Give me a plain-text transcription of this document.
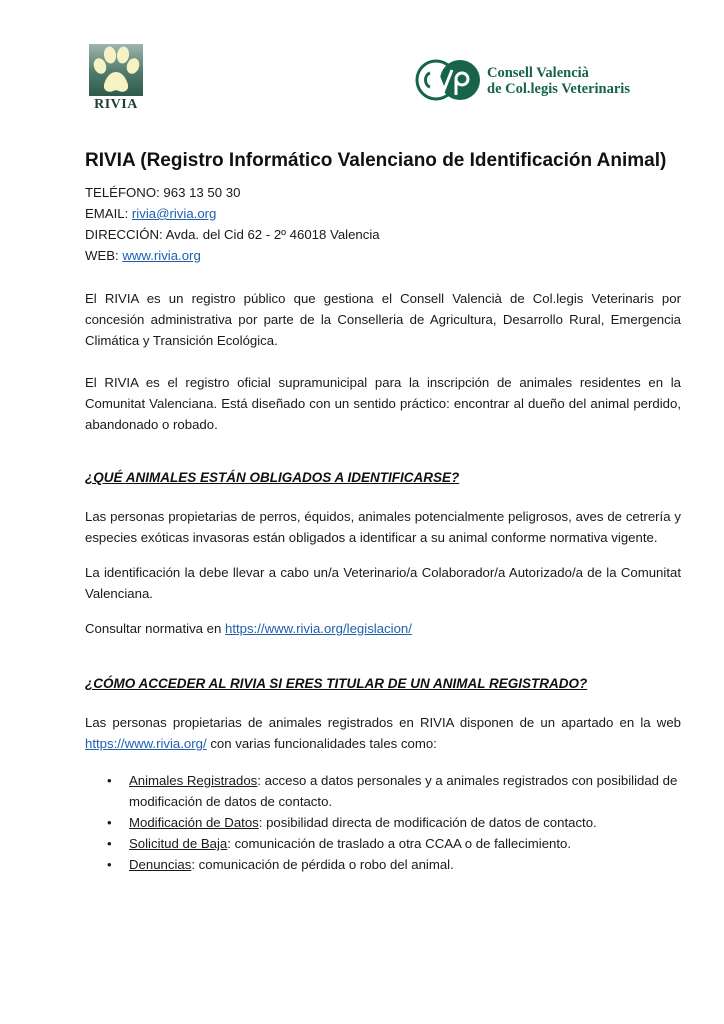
RIVIA
Consell Valencià
de Col.legis Veterinaris
RIVIA (Registro Informático Valenciano de Identificación Animal)
TELÉFONO: 963 13 50 30
EMAIL: rivia@rivia.org
DIRECCIÓN: Avda. del Cid 62 - 2º 46018 Valencia
WEB: www.rivia.org

El RIVIA es un registro público que gestiona el Consell Valencià de Col.legis Veterinaris por concesión administrativa por parte de la Conselleria de Agricultura, Desarrollo Rural, Emergencia Climática y Transición Ecológica.

El RIVIA es el registro oficial supramunicipal para la inscripción de animales residentes en la Comunitat Valenciana. Está diseñado con un sentido práctico: encontrar al dueño del animal perdido, abandonado o robado.

¿QUÉ ANIMALES ESTÁN OBLIGADOS A IDENTIFICARSE?

Las personas propietarias de perros, équidos, animales potencialmente peligrosos, aves de cetrería y especies exóticas invasoras están obligados a identificar a su animal conforme normativa vigente.

La identificación la debe llevar a cabo un/a Veterinario/a Colaborador/a Autorizado/a de la Comunitat Valenciana.

Consultar normativa en https://www.rivia.org/legislacion/

¿CÓMO ACCEDER AL RIVIA SI ERES TITULAR DE UN ANIMAL REGISTRADO?

Las personas propietarias de animales registrados en RIVIA disponen de un apartado en la web https://www.rivia.org/ con varias funcionalidades tales como:

• Animales Registrados: acceso a datos personales y a animales registrados con posibilidad de modificación de datos de contacto.
• Modificación de Datos: posibilidad directa de modificación de datos de contacto.
• Solicitud de Baja: comunicación de traslado a otra CCAA o de fallecimiento.
• Denuncias: comunicación de pérdida o robo del animal.
